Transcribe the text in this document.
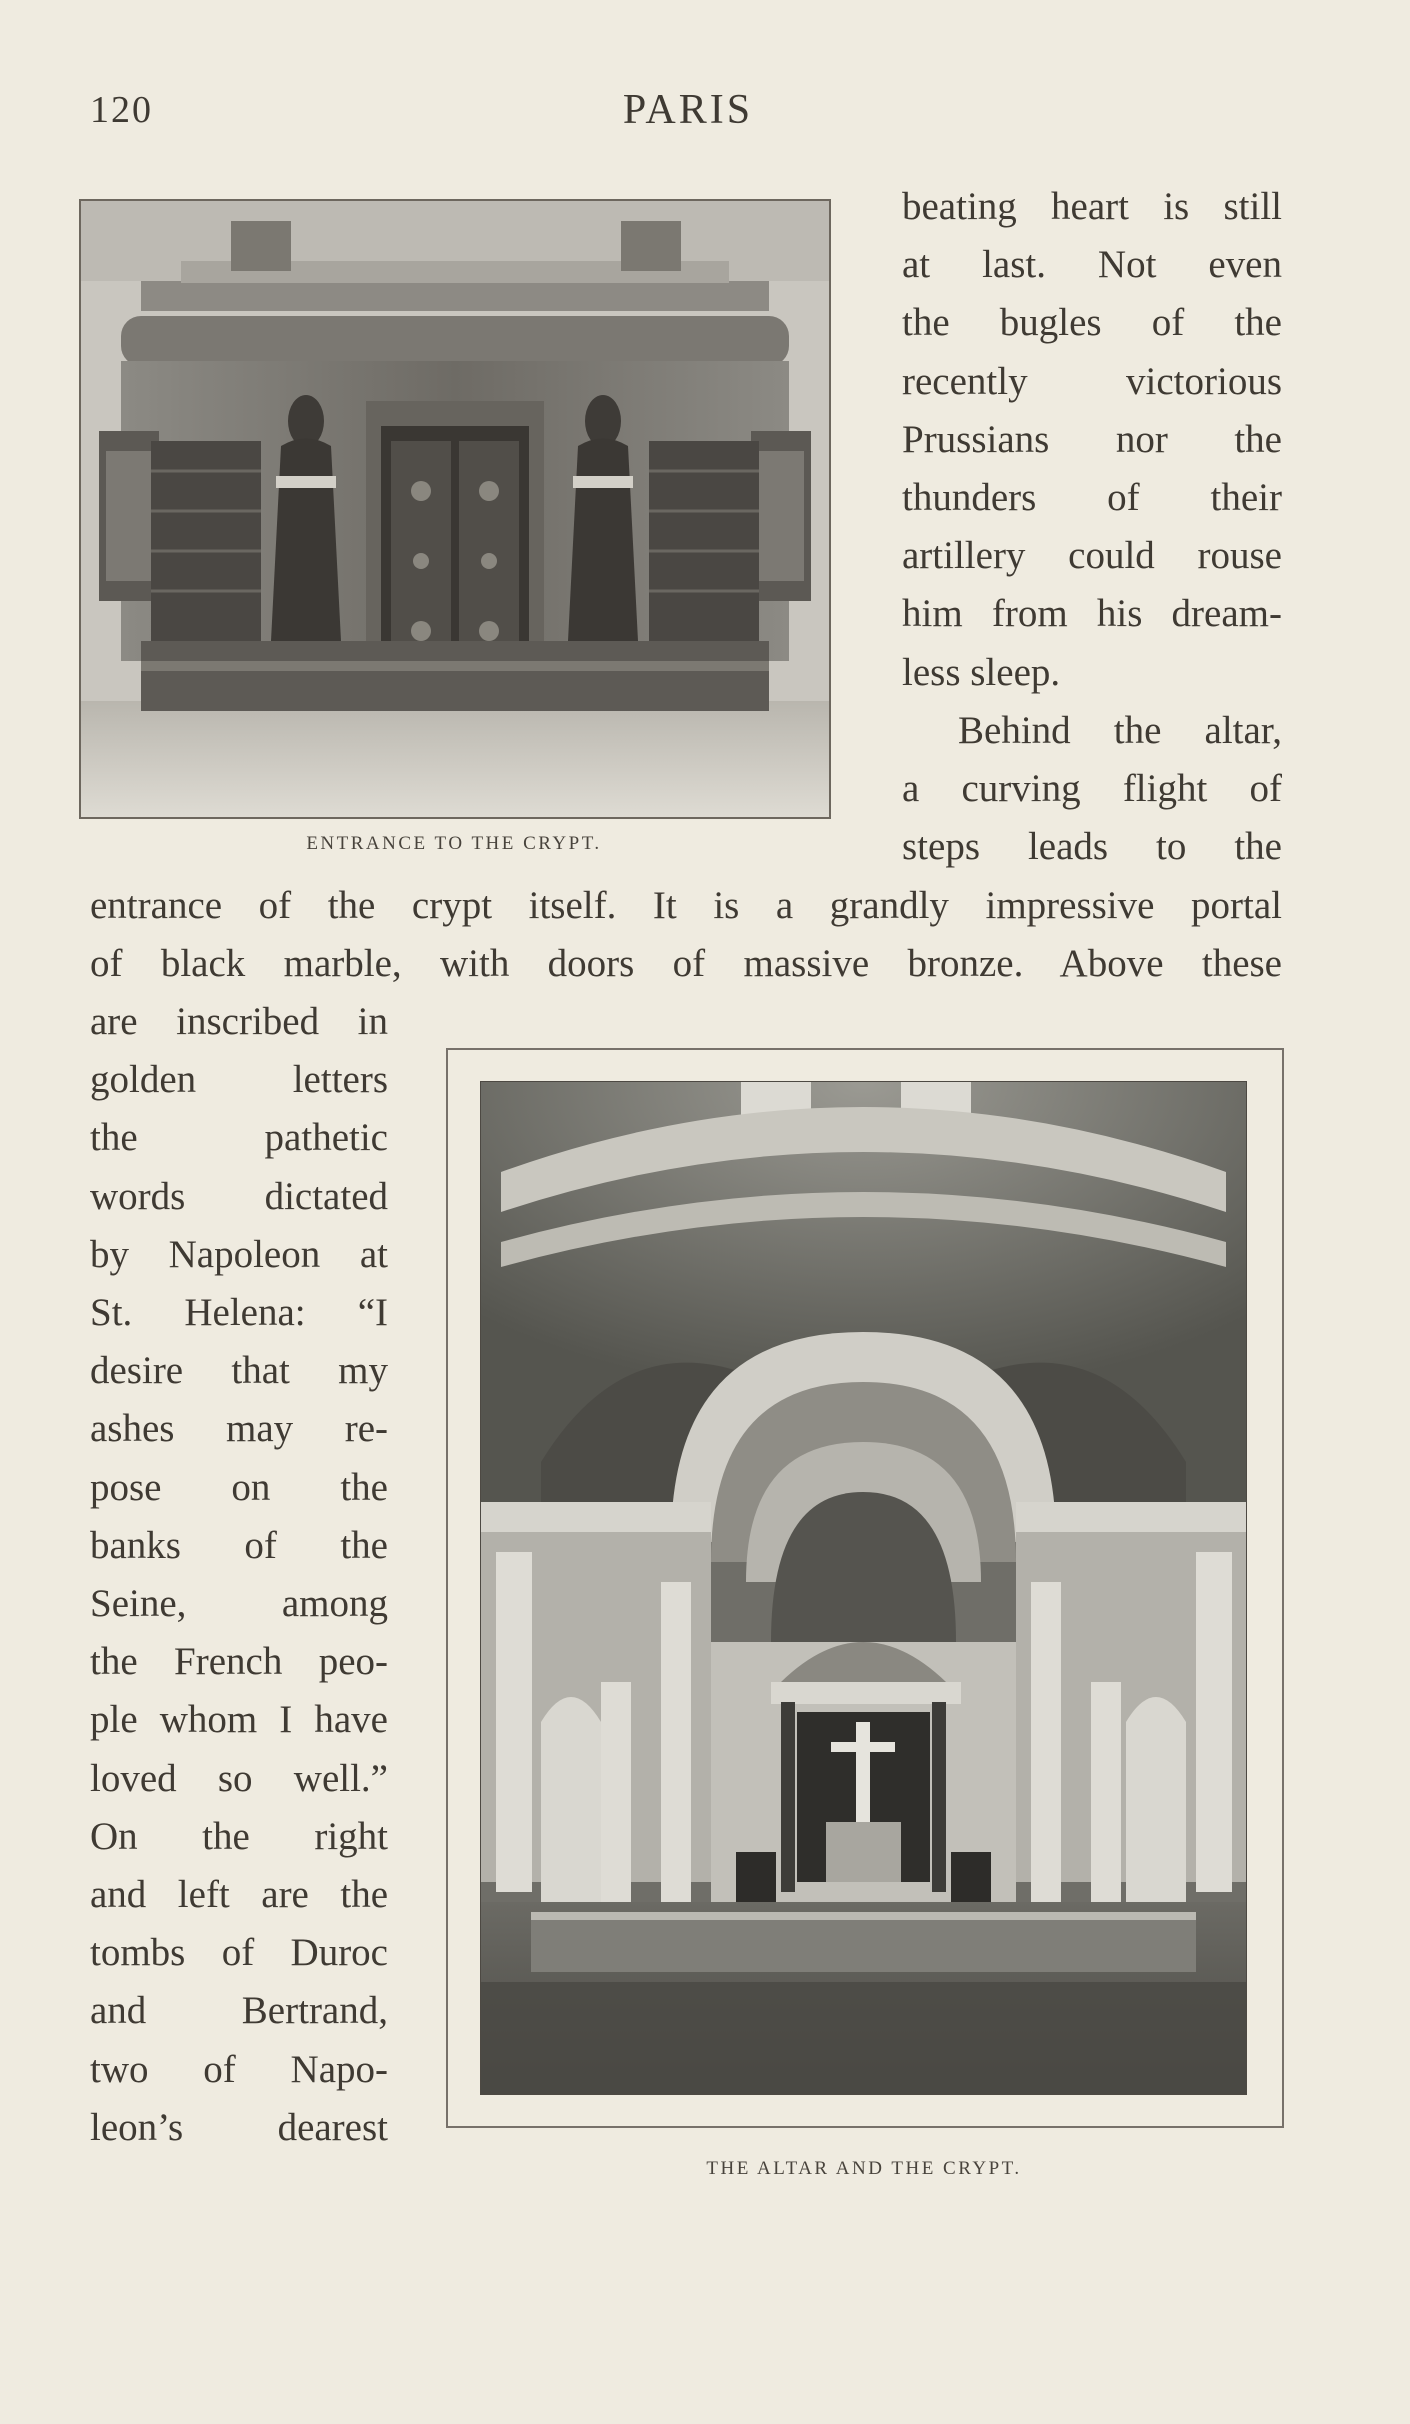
120	PARIS
ENTRANCE TO THE CRYPT.
THE ALTAR AND THE CRYPT.
beating heart is still
at last. Not even
the bugles of the
recently victorious
Prussians nor the
thunders of their
artillery could rouse
him from his dream-
less sleep.
Behind the altar,
a curving flight of
steps leads to the
entrance of the crypt itself. It is a grandly impressive portal
of black marble, with doors of massive bronze. Above these
are inscribed in
golden letters
the pathetic
words dictated
by Napoleon at
St. Helena: “I
desire that my
ashes may re-
pose on the
banks of the
Seine, among
the French peo-
ple whom I have
loved so well.”
On the right
and left are the
tombs of Duroc
and Bertrand,
two of Napo-
leon’s dearest
